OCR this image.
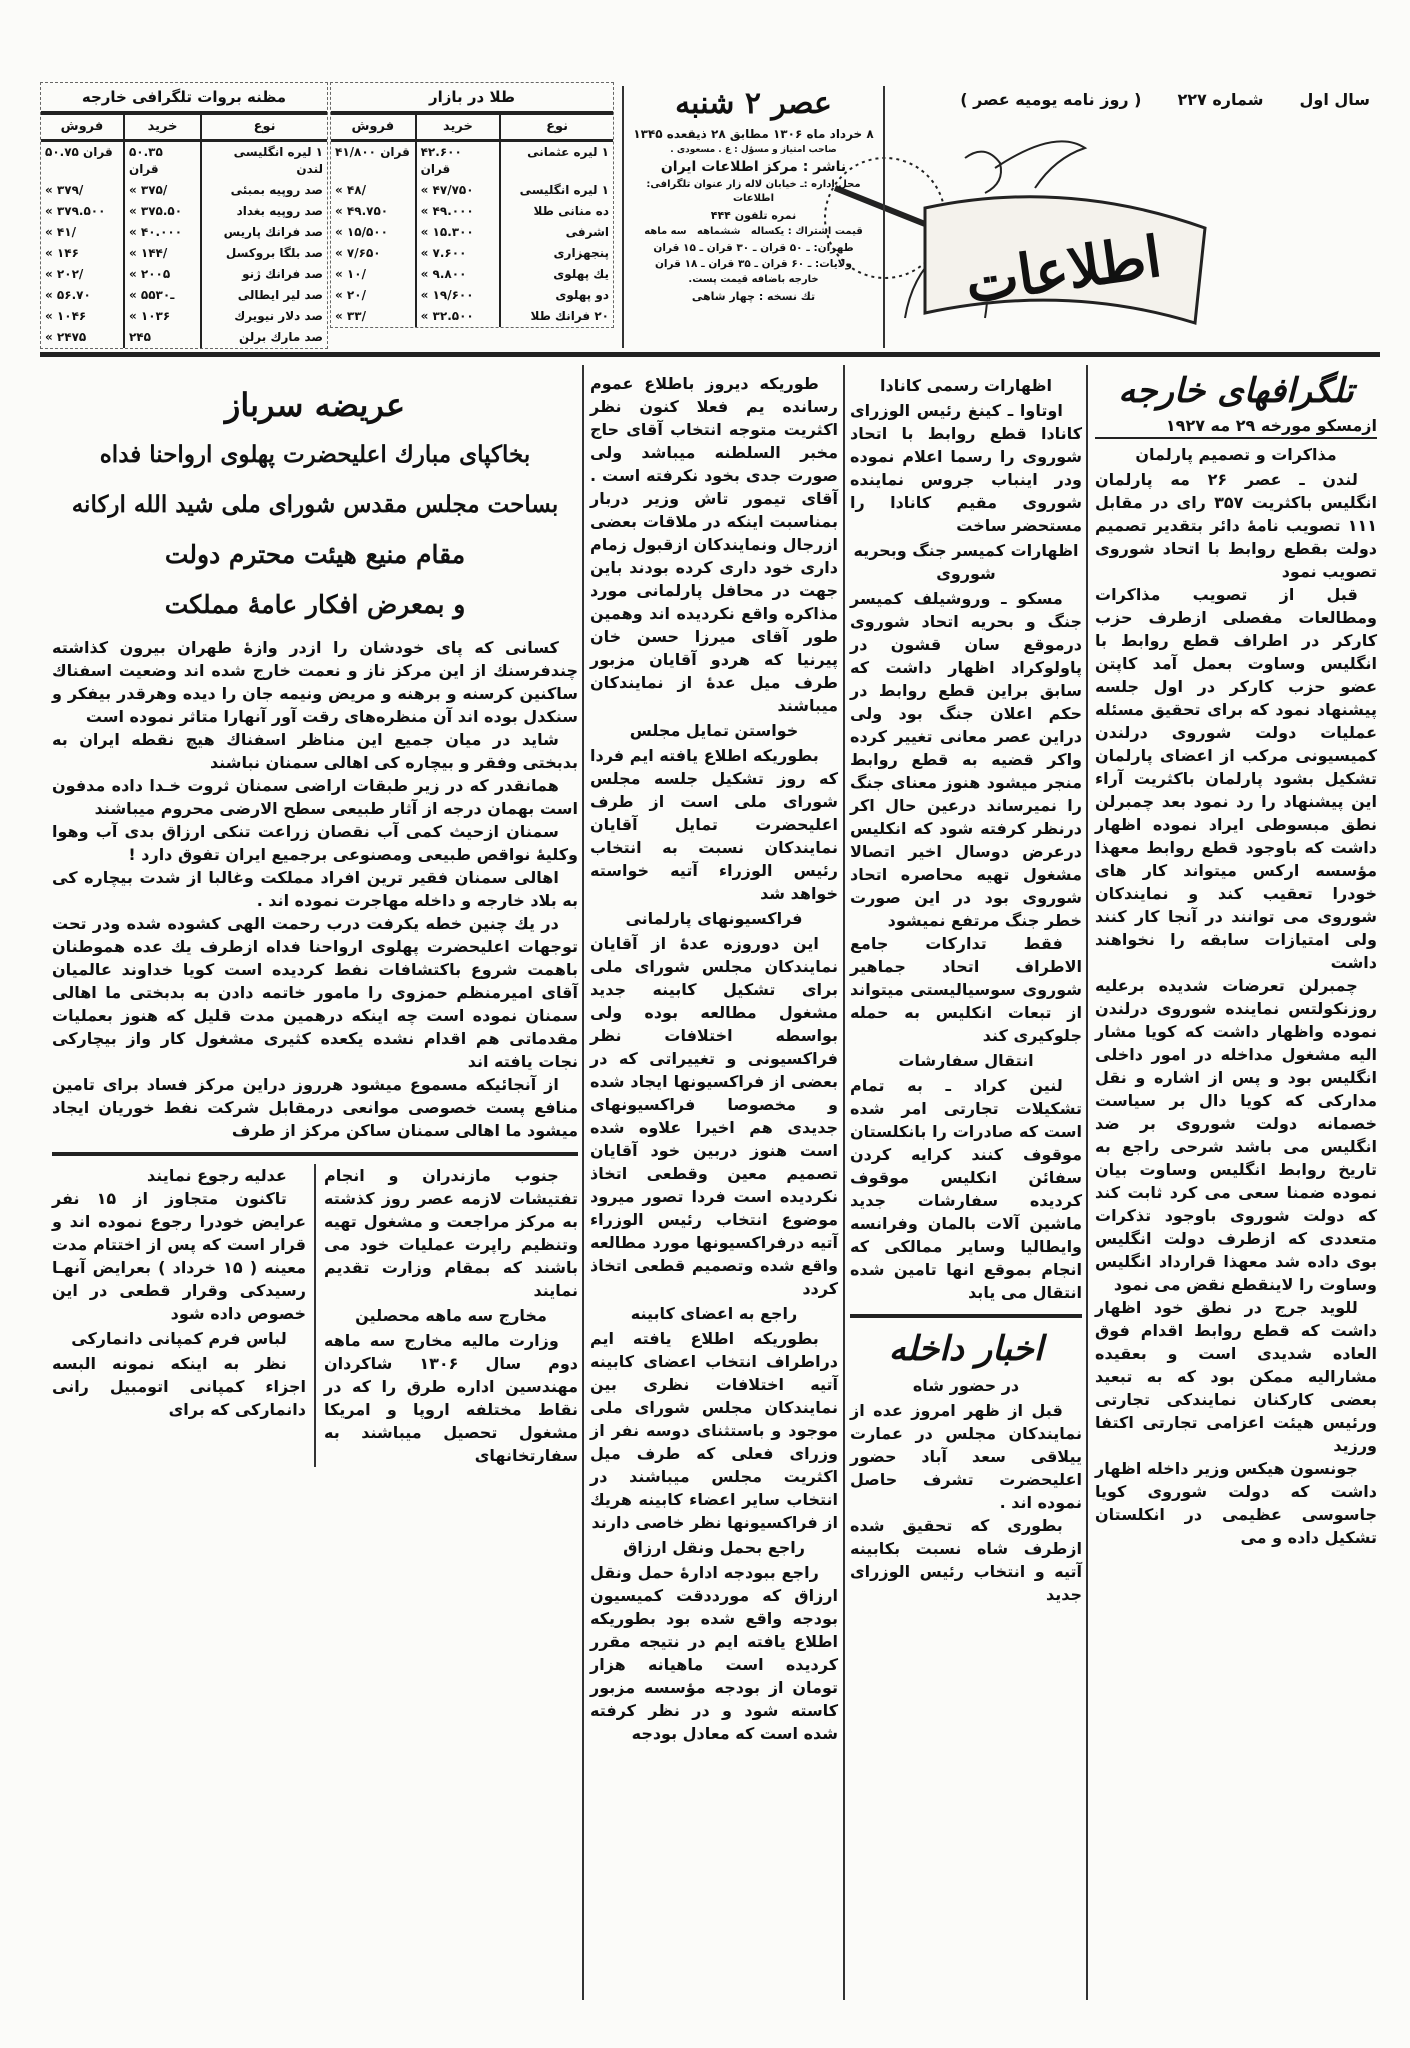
سال اول
شماره ۲۲۷
( روز نامه یومیه عصر )
اطلاعات
عصر ۲ شنبه
۸ خرداد ماه ۱۳۰۶ مطابق ۲۸ ذیقعده ۱۳۴۵
صاحب امتیاز و مسؤل : ع . مسعودی .
ناشر : مرکز اطلاعات ایران
محل اداره :ـ خیابان لاله زار عنوان تلگرافی: اطلاعات
نمره تلفون ۴۴۴
قیمت اشتراك : یکساله   ششماهه   سه ماهه
طهران: ـ ۵۰ قران ـ ۳۰ قران ـ ۱۵ قران
ولایات: ـ ۶۰ قران ـ ۳۵ قران ـ ۱۸ قران
خارجه باضافه قیمت پست.
تك نسخه : چهار شاهی
طلا در بازار
نوع	خرید	فروش
۱ لیره عثمانی	۴۲.۶۰۰ قران	۴۱/۸۰۰ قران
۱ لیره انگلیسی	« ۴۷/۷۵۰	« ۴۸/
ده منانی طلا	« ۴۹.۰۰۰	« ۴۹.۷۵۰
اشرفی	« ۱۵.۳۰۰	« ۱۵/۵۰۰
پنجهزاری	« ۷.۶۰۰	« ۷/۶۵۰
یك پهلوی	« ۹.۸۰۰	« ۱۰/
دو پهلوی	« ۱۹/۶۰۰	« ۲۰/
۲۰ فرانك طلا	« ۳۲.۵۰۰	« ۳۳/
مظنه بروات تلگرافی خارجه
نوع	خرید	فروش
۱ لیره انگلیسی لندن	۵۰.۳۵ قران	۵۰.۷۵ قران
صد روپیه بمبئی	« ۳۷۵/	« ۳۷۹/
صد روپیه بغداد	« ۳۷۵.۵۰	« ۳۷۹.۵۰۰
صد فرانك پاریس	« ۴۰.۰۰۰	« ۴۱/
صد بلگا بروکسل	« ۱۴۴/	« ۱۴۶
صد فرانك ژنو	« ۲۰۰۵	« ۲۰۲/
صد لیر ایطالی	« ۵۵ـ۳۰	« ۵۶.۷۰
صد دلار نیویرك	« ۱۰۳۶	« ۱۰۴۶
صد مارك برلن	۲۴۵	« ۲۴۷۵
تلگرافهای خارجه
ازمسکو مورخه ۲۹ مه ۱۹۲۷
مذاکرات و تصمیم پارلمان

لندن ـ عصر ۲۶ مه پارلمان انگلیس باکثریت ۳۵۷ رای در مقابل ۱۱۱ تصویب نامهٔ دائر بتقدیر تصمیم دولت بقطع روابط با اتحاد شوروی تصویب نمود

قبل از تصویب مذاکرات ومطالعات مفصلی ازطرف حزب کارکر در اطراف قطع روابط با انگلیس وساوت بعمل آمد کاپتن عضو حزب کارکر در اول جلسه پیشنهاد نمود که برای تحقیق مسئله عملیات دولت شوروی درلندن کمیسیونی مرکب از اعضای پارلمان تشکیل بشود پارلمان باکثریت آراء این پیشنهاد را رد نمود بعد چمبرلن نطق مبسوطی ایراد نموده اظهار داشت که باوجود قطع روابط معهذا مؤسسه ارکس میتواند کار های خودرا تعقیب کند و نمایندکان شوروی می توانند در آنجا کار کنند ولی امتیازات سابقه را نخواهند داشت

چمبرلن تعرضات شدیده برعلیه روزنکولتس نماینده شوروی درلندن نموده واظهار داشت که کویا مشار الیه مشغول مداخله در امور داخلی انگلیس بود و پس از اشاره و نقل مدارکی که کویا دال بر سیاست خصمانه دولت شوروی بر ضد انگلیس می باشد شرحی راجع به تاریخ روابط انگلیس وساوت بیان نموده ضمنا سعی می کرد ثابت کند که دولت شوروی باوجود تذکرات متعددی که ازطرف دولت انگلیس بوی داده شد معهذا قرارداد انگلیس وساوت را لاینقطع نقض می نمود

للوید جرج در نطق خود اظهار داشت که قطع روابط اقدام فوق العاده شدیدی است و بعقیده مشارالیه ممکن بود که به تبعید بعضی کارکنان نمایندکی تجارتی ورئیس هیئت اعزامی تجارتی اکتفا ورزید

جونسون هیکس وزیر داخله اظهار داشت که دولت شوروی کویا جاسوسی عظیمی در انکلستان تشکیل داده و می

اظهارات رسمی کانادا

اوتاوا ـ کینغ رئیس الوزرای کانادا قطع روابط با اتحاد شوروی را رسما اعلام نموده ودر اینباب جروس نماینده شوروی مقیم کانادا را مستحضر ساخت

اظهارات کمیسر جنگ وبحریه شوروی

مسکو ـ وروشیلف کمیسر جنگ و بحریه اتحاد شوروی درموقع سان قشون در پاولوکراد اظهار داشت که سابق براین قطع روابط در حکم اعلان جنگ بود ولی دراین عصر معانی تغییر کرده واکر قضیه به قطع روابط منجر میشود هنوز معنای جنگ را نمیرساند درعین حال اکر درنظر کرفته شود که انکلیس درعرض دوسال اخیر اتصالا مشغول تهیه محاصره اتحاد شوروی بود در این صورت خطر جنگ مرتفع نمیشود

فقط تدارکات جامع الاطراف اتحاد جماهیر شوروی سوسیالیستی میتواند از تبعات انکلیس به حمله جلوکیری کند

انتقال سفارشات

لنین کراد ـ به تمام تشکیلات تجارتی امر شده است که صادرات را بانکلستان موقوف کنند کرایه کردن سفائن انکلیس موقوف کردیده سفارشات جدید ماشین آلات بالمان وفرانسه وایطالیا وسایر ممالکی که انجام بموقع انها تامین شده انتقال می یابد

اخبار داخله
در حضور شاه

قبل از ظهر امروز عده از نمایندکان مجلس در عمارت ییلاقی سعد آباد حضور اعلیحضرت تشرف حاصل نموده اند .

بطوری که تحقیق شده ازطرف شاه نسبت بکابینه آتیه و انتخاب رئیس الوزرای جدید

طوریکه دیروز باطلاع عموم رسانده یم فعلا کنون نظر اکثریت متوجه انتخاب آقای حاج مخبر السلطنه میباشد ولی صورت جدی بخود نکرفته است . آقای تیمور تاش وزیر دربار بمناسبت اینکه در ملاقات بعضی ازرجال ونمایندکان ازقبول زمام داری خود داری کرده بودند باین جهت در محافل پارلمانی مورد مذاکره واقع نکردیده اند وهمین طور آقای میرزا حسن خان پیرنیا که هردو آقایان مزبور طرف میل عدهٔ از نمایندکان میباشند

خواستن تمایل مجلس

بطوریکه اطلاع یافته ایم فردا که روز تشکیل جلسه مجلس شورای ملی است از طرف اعلیحضرت تمایل آقایان نمایندکان نسبت به انتخاب رئیس الوزراء آتیه خواسته خواهد شد

فراکسیونهای پارلمانی

این دوروزه عدهٔ از آقایان نمایندکان مجلس شورای ملی برای تشکیل کابینه جدید مشغول مطالعه بوده ولی بواسطه اختلافات نظر فراکسیونی و تغییراتی که در بعضی از فراکسیونها ایجاد شده و مخصوصا فراکسیونهای جدیدی هم اخیرا علاوه شده است هنوز دربین خود آقایان تصمیم معین وقطعی اتخاذ نکردیده است فردا تصور میرود موضوع انتخاب رئیس الوزراء آتیه درفراکسیونها مورد مطالعه واقع شده وتصمیم قطعی اتخاذ کردد

راجع به اعضای کابینه

بطوریکه اطلاع یافته ایم دراطراف انتخاب اعضای کابینه آتیه اختلافات نظری بین نمایندکان مجلس شورای ملی موجود و باستثنای دوسه نفر از وزرای فعلی که طرف میل اکثریت مجلس میباشند در انتخاب سایر اعضاء کابینه هریك از فراکسیونها نظر خاصی دارند

راجع بحمل ونقل ارزاق

راجع ببودجه ادارهٔ حمل ونقل ارزاق که مورددقت کمیسیون بودجه واقع شده بود بطوریکه اطلاع یافته ایم در نتیجه مقرر کردیده است ماهیانه هزار تومان از بودجه مؤسسه مزبور کاسته شود و در نظر کرفته شده است که معادل بودجه

عریضه سرباز
بخاکپای مبارك اعلیحضرت پهلوی ارواحنا فداه
بساحت مجلس مقدس شورای ملی شید الله ارکانه
مقام منیع هیئت محترم دولت
و بمعرض افکار عامهٔ مملکت

کسانی که پای خودشان را ازدر وازهٔ طهران بیرون کذاشته چندفرسنك از این مرکز ناز و نعمت خارج شده اند وضعیت اسفناك ساکنین کرسنه و برهنه و مریض ونیمه جان را دیده وهرقدر بیفکر و سنکدل بوده اند آن منظره‌های رقت آور آنهارا متاثر نموده است

شاید در میان جمیع این مناظر اسفناك هیچ نقطه ایران به بدبختی وفقر و بیچاره کی اهالی سمنان نباشند

همانقدر که در زیر طبقات اراضی سمنان ثروت خـدا داده مدفون است بهمان درجه از آثار طبیعی سطح الارضی محروم میباشند

سمنان ازحیث کمی آب نقصان زراعت تنکی ارزاق بدی آب وهوا وکلیهٔ نواقص طبیعی ومصنوعی برجمیع ایران تفوق دارد !

اهالی سمنان فقیر ترین افراد مملکت وغالبا از شدت بیچاره کی به بلاد خارجه و داخله مهاجرت نموده اند .

در یك چنین خطه یکرفت درب رحمت الهی کشوده شده ودر تحت توجهات اعلیحضرت پهلوی ارواحنا فداه ازطرف یك عده هموطنان باهمت شروع باکتشافات نفط کردیده است کویا خداوند عالمیان آقای امیرمنظم حمزوی را مامور خاتمه دادن به بدبختی ما اهالی سمنان نموده است چه اینکه درهمین مدت قلیل که هنوز بعملیات مقدماتی هم اقدام نشده یکعده کثیری مشغول کار واز بیچارکی نجات یافته اند

از آنجائیکه مسموع میشود هرروز دراین مرکز فساد برای تامین منافع پست خصوصی موانعی درمقابل شرکت نفط خوریان ایجاد میشود ما اهالی سمنان ساکن مرکز از طرف

جنوب مازندران و انجام تفتیشات لازمه عصر روز کذشته به مرکز مراجعت و مشغول تهیه وتنظیم راپرت عملیات خود می باشند که بمقام وزارت تقدیم نمایند

مخارج سه ماهه محصلین

وزارت مالیه مخارج سه ماهه دوم سال ۱۳۰۶ شاکردان مهندسین اداره طرق را که در نقاط مختلفه اروپا و امریکا مشغول تحصیل میباشند به سفارتخانهای

عدلیه رجوع نمایند

تاکنون متجاوز از ۱۵ نفر عرایض خودرا رجوع نموده اند و قرار است که پس از اختتام مدت معینه ( ۱۵ خرداد ) بعرایض آنهـا رسیدکی وقرار قطعی در این خصوص داده شود

لباس فرم کمپانی دانمارکی

نظر به اینکه نمونه البسه اجزاء کمپانی اتومبیل رانی دانمارکی که برای
